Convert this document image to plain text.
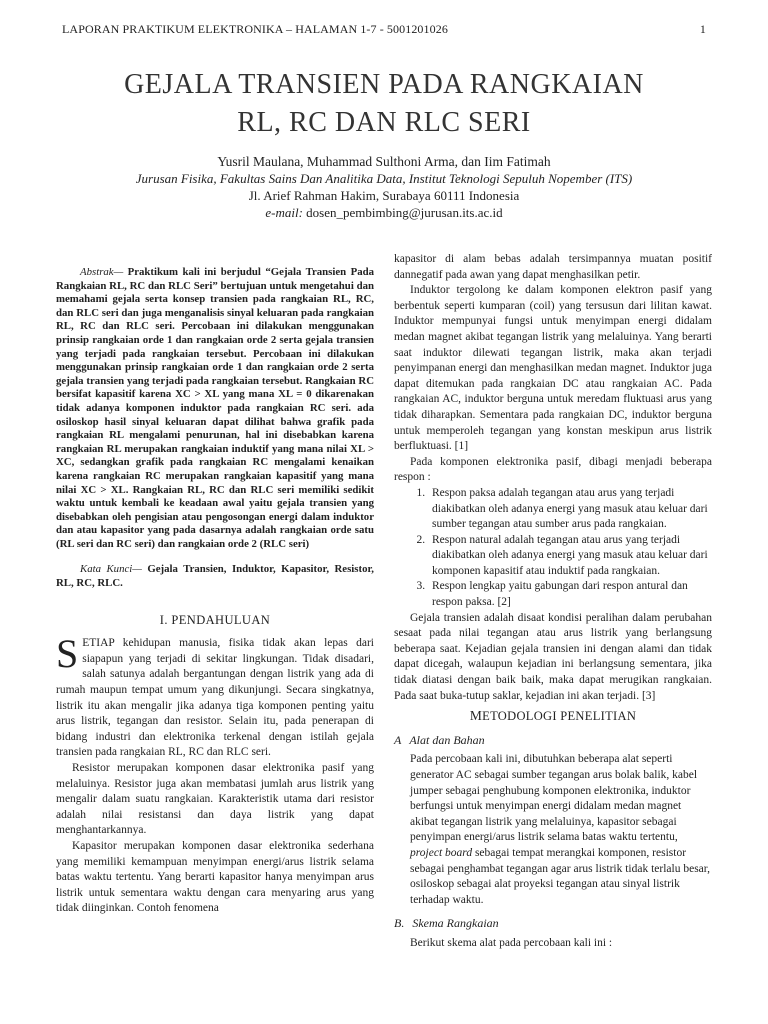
LAPORAN PRAKTIKUM ELEKTRONIKA – HALAMAN 1-7 - 5001201026	1
GEJALA TRANSIEN PADA RANGKAIAN
RL, RC DAN RLC SERI
Yusril Maulana, Muhammad Sulthoni Arma, dan Iim Fatimah
Jurusan Fisika, Fakultas Sains Dan Analitika Data, Institut Teknologi Sepuluh Nopember (ITS)
Jl. Arief Rahman Hakim, Surabaya 60111 Indonesia
e-mail: dosen_pembimbing@jurusan.its.ac.id

Abstrak— Praktikum kali ini berjudul “Gejala Transien Pada Rangkaian RL, RC dan RLC Seri” bertujuan untuk mengetahui dan memahami gejala serta konsep transien pada rangkaian RL, RC, dan RLC seri dan juga menganalisis sinyal keluaran pada rangkaian RL, RC dan RLC seri. Percobaan ini dilakukan menggunakan prinsip rangkaian orde 1 dan rangkaian orde 2 serta gejala transien yang terjadi pada rangkaian tersebut. Percobaan ini dilakukan menggunakan prinsip rangkaian orde 1 dan rangkaian orde 2 serta gejala transien yang terjadi pada rangkaian tersebut. Rangkaian RC bersifat kapasitif karena XC > XL yang mana XL = 0 dikarenakan tidak adanya komponen induktor pada rangkaian RC seri. ada osiloskop hasil sinyal keluaran dapat dilihat bahwa grafik pada rangkaian RL mengalami penurunan, hal ini disebabkan karena rangkaian RL merupakan rangkaian induktif yang mana nilai XL > XC, sedangkan grafik pada rangkaian RC mengalami kenaikan karena rangkaian RC merupakan rangkaian kapasitif yang mana nilai XC > XL. Rangkaian RL, RC dan RLC seri memiliki sedikit waktu untuk kembali ke keadaan awal yaitu gejala transien yang disebabkan oleh pengisian atau pengosongan energi dalam induktor dan atau kapasitor yang pada dasarnya adalah rangkaian orde satu (RL seri dan RC seri) dan rangkaian orde 2 (RLC seri)

Kata Kunci— Gejala Transien, Induktor, Kapasitor, Resistor, RL, RC, RLC.

I. PENDAHULUAN

SETIAP kehidupan manusia, fisika tidak akan lepas dari siapapun yang terjadi di sekitar lingkungan. Tidak disadari, salah satunya adalah bergantungan dengan listrik yang ada di rumah maupun tempat umum yang dikunjungi. Secara singkatnya, listrik itu akan mengalir jika adanya tiga komponen penting yaitu arus listrik, tegangan dan resistor. Selain itu, pada penerapan di bidang industri dan elektronika terkenal dengan istilah gejala transien pada rangkaian RL, RC dan RLC seri.

Resistor merupakan komponen dasar elektronika pasif yang melaluinya. Resistor juga akan membatasi jumlah arus listrik yang mengalir dalam suatu rangkaian. Karakteristik utama dari resistor adalah nilai resistansi dan daya listrik yang dapat menghantarkannya.

Kapasitor merupakan komponen dasar elektronika sederhana yang memiliki kemampuan menyimpan energi/arus listrik selama batas waktu tertentu. Yang berarti kapasitor hanya menyimpan arus listrik untuk sementara waktu dengan cara menyaring arus yang tidak diinginkan. Contoh fenomena

kapasitor di alam bebas adalah tersimpannya muatan positif dannegatif pada awan yang dapat menghasilkan petir.

Induktor tergolong ke dalam komponen elektron pasif yang berbentuk seperti kumparan (coil) yang tersusun dari lilitan kawat. Induktor mempunyai fungsi untuk menyimpan energi didalam medan magnet akibat tegangan listrik yang melaluinya. Yang berarti saat induktor dilewati tegangan listrik, maka akan terjadi penyimpanan energi dan menghasilkan medan magnet. Induktor juga dapat ditemukan pada rangkaian DC atau rangkaian AC. Pada rangkaian AC, induktor berguna untuk meredam fluktuasi arus yang tidak diharapkan. Sementara pada rangkaian DC, induktor berguna untuk memperoleh tegangan yang konstan meskipun arus listrik berfluktuasi. [1]

Pada komponen elektronika pasif, dibagi menjadi beberapa respon :

1. Respon paksa adalah tegangan atau arus yang terjadi diakibatkan oleh adanya energi yang masuk atau keluar dari sumber tegangan atau sumber arus pada rangkaian.
2. Respon natural adalah tegangan atau arus yang terjadi diakibatkan oleh adanya energi yang masuk atau keluar dari komponen kapasitif atau induktif pada rangkaian.
3. Respon lengkap yaitu gabungan dari respon antural dan respon paksa. [2]

Gejala transien adalah disaat kondisi peralihan dalam perubahan sesaat pada nilai tegangan atau arus listrik yang berlangsung beberapa saat. Kejadian gejala transien ini dengan alami dan tidak dapat dicegah, walaupun kejadian ini berlangsung sementara, jika tidak diatasi dengan baik baik, maka dapat merugikan rangkaian. Pada saat buka-tutup saklar, kejadian ini akan terjadi. [3]

METODOLOGI PENELITIAN
A Alat dan Bahan

Pada percobaan kali ini, dibutuhkan beberapa alat seperti generator AC sebagai sumber tegangan arus bolak balik, kabel jumper sebagai penghubung komponen elektronika, induktor berfungsi untuk menyimpan energi didalam medan magnet akibat tegangan listrik yang melaluinya, kapasitor sebagai penyimpan energi/arus listrik selama batas waktu tertentu, project board sebagai tempat merangkai komponen, resistor sebagai penghambat tegangan agar arus listrik tidak terlalu besar, osiloskop sebagai alat proyeksi tegangan atau sinyal listrik terhadap waktu.

B. Skema Rangkaian

Berikut skema alat pada percobaan kali ini :
